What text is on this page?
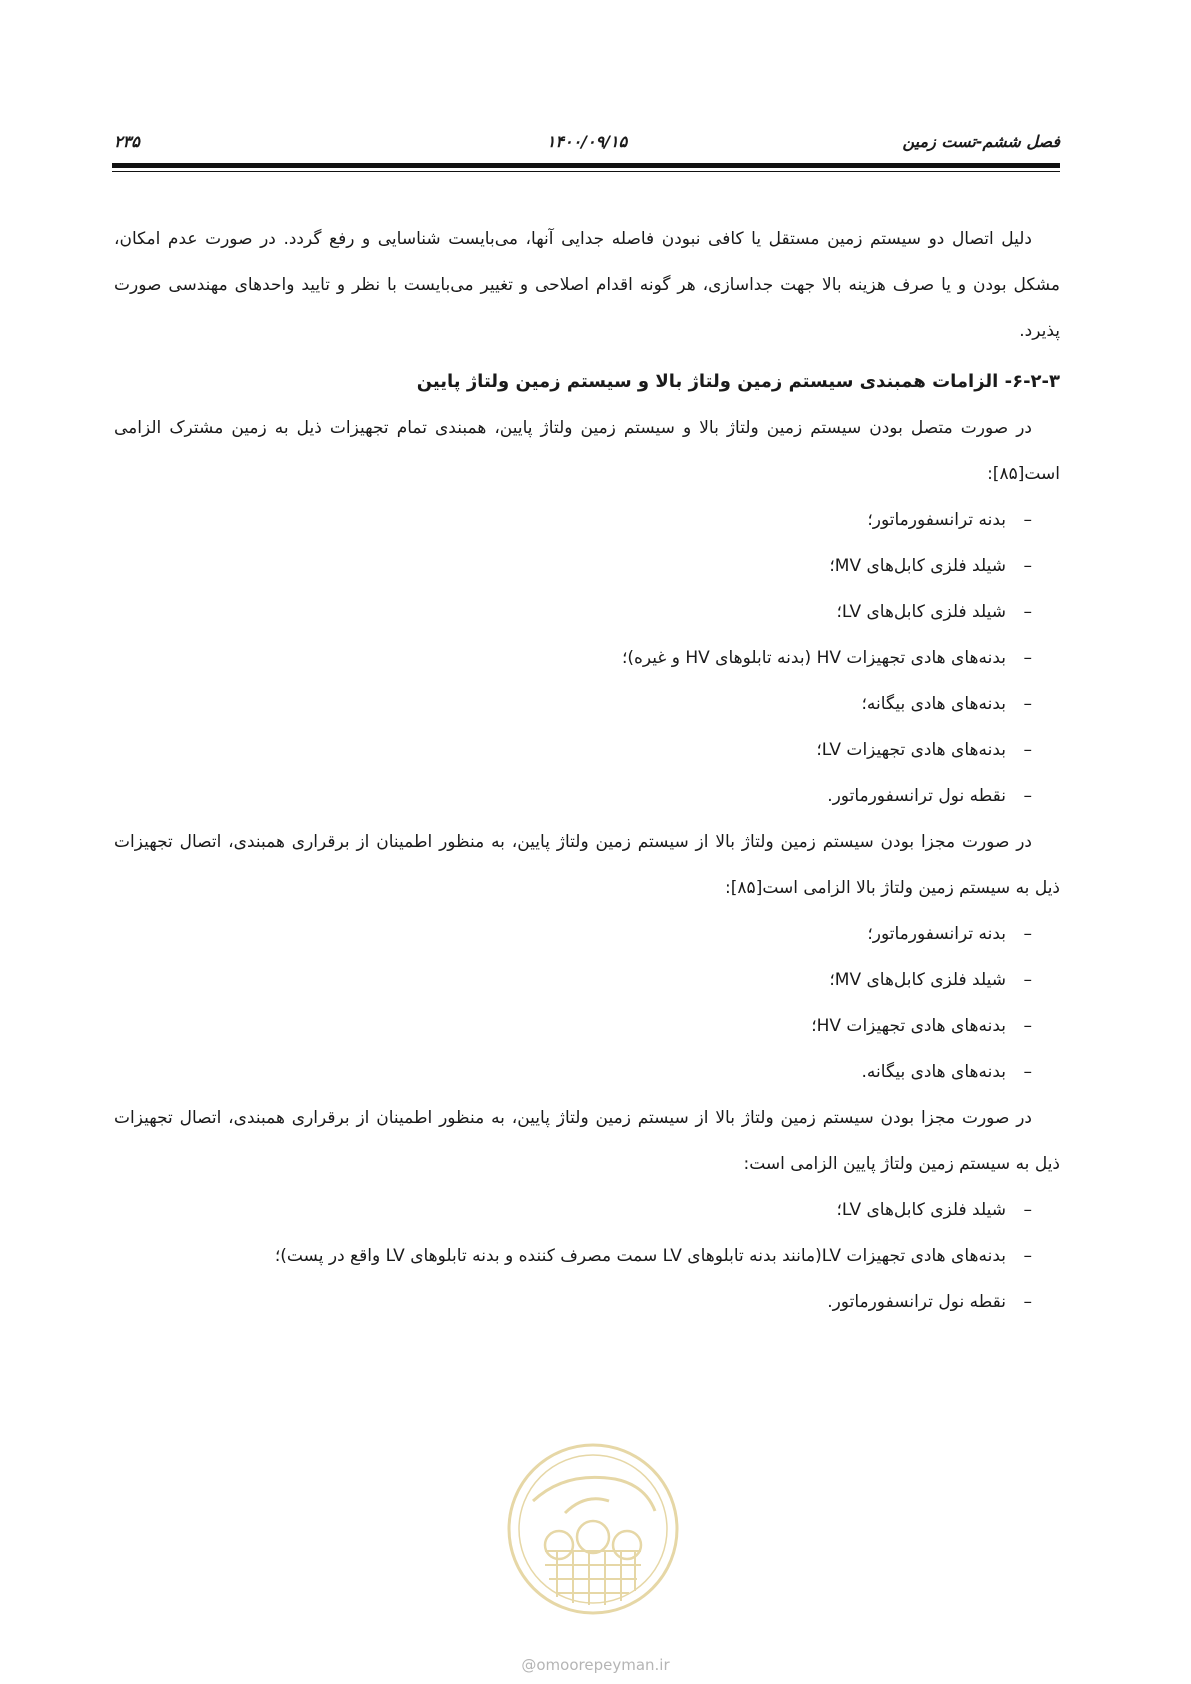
فصل ششم-تست زمین
۱۴۰۰/۰۹/۱۵
۲۳۵

دلیل اتصال دو سیستم زمین مستقل یا کافی نبودن فاصله جدایی آنها، می‌بایست شناسایی و رفع گردد. در صورت عدم امکان، مشکل بودن و یا صرف هزینه بالا جهت جداسازی، هر گونه اقدام اصلاحی و تغییر می‌بایست با نظر و تایید واحدهای مهندسی صورت پذیرد.

۶-۲-۳- الزامات همبندی سیستم زمین ولتاژ بالا و سیستم زمین ولتاژ پایین

در صورت متصل بودن سیستم زمین ولتاژ بالا و سیستم زمین ولتاژ پایین، همبندی تمام تجهیزات ذیل به زمین مشترک الزامی است[۸۵]:

– بدنه ترانسفورماتور؛
– شیلد فلزی کابل‌های MV؛
– شیلد فلزی کابل‌های LV؛
– بدنه‌های هادی تجهیزات HV (بدنه تابلوهای HV و غیره)؛
– بدنه‌های هادی بیگانه؛
– بدنه‌های هادی تجهیزات LV؛
– نقطه نول ترانسفورماتور.

در صورت مجزا بودن سیستم زمین ولتاژ بالا از سیستم زمین ولتاژ پایین، به منظور اطمینان از برقراری همبندی، اتصال تجهیزات ذیل به سیستم زمین ولتاژ بالا الزامی است[۸۵]:

– بدنه ترانسفورماتور؛
– شیلد فلزی کابل‌های MV؛
– بدنه‌های هادی تجهیزات HV؛
– بدنه‌های هادی بیگانه.

در صورت مجزا بودن سیستم زمین ولتاژ بالا از سیستم زمین ولتاژ پایین، به منظور اطمینان از برقراری همبندی، اتصال تجهیزات ذیل به سیستم زمین ولتاژ پایین الزامی است:

– شیلد فلزی کابل‌های LV؛
– بدنه‌های هادی تجهیزات LV(مانند بدنه تابلوهای LV سمت مصرف کننده و بدنه تابلوهای LV واقع در پست)؛
– نقطه نول ترانسفورماتور.
@omoorepeyman.ir
